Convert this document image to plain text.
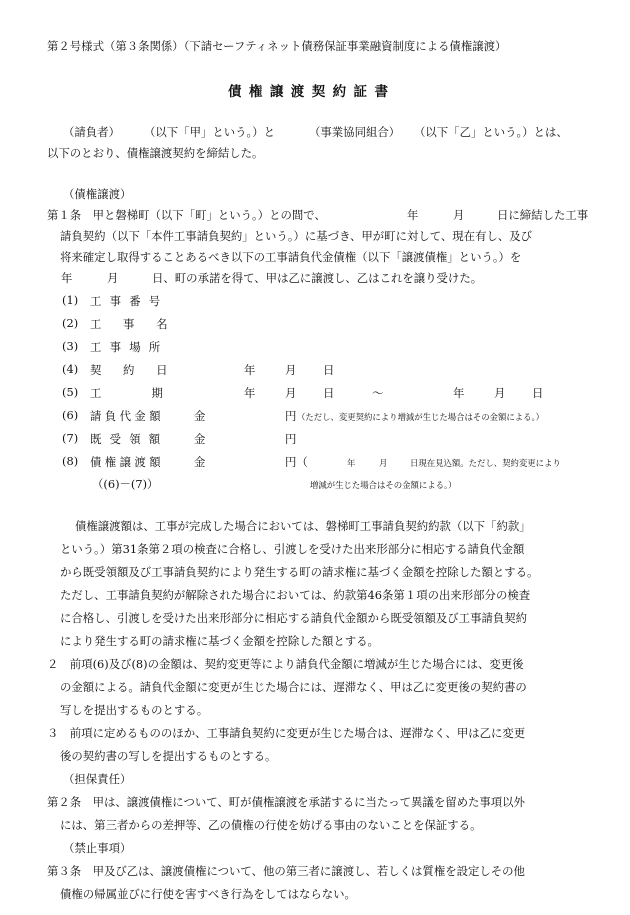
第２号様式（第３条関係）（下請セーフティネット債務保証事業融資制度による債権譲渡）
債権譲渡契約証書
（請負者） （以下「甲」という。）と	（事業協同組合） （以下「乙」という。）とは、
以下のとおり、債権譲渡契約を締結した。
（債権譲渡）
第１条　甲と磐梯町（以下「町」という。）との間で、	年	月	日に締結した工事
請負契約（以下「本件工事請負契約」という。）に基づき、甲が町に対して、現在有し、及び
将来確定し取得することあるべき以下の工事請負代金債権（以下「譲渡債権」という。）を
年	月	日、町の承諾を得て、甲は乙に譲渡し、乙はこれを譲り受けた。
(1) 工事番号
(2) 工事名
(3) 工事場所
(4) 契約日	年	月 日
(5) 工期	年	月 日	～	年	月 日
(6) 請負代金額	金	円 （ただし、変更契約により増減が生じた場合はその金額による。）
(7) 既受領額 金	円
(8) 債権譲渡額	金	円（	年	月	日現在見込額。ただし、契約変更により
（(6)－(7)）	増減が生じた場合はその金額による。）
債権譲渡額は、工事が完成した場合においては、磐梯町工事請負契約約款（以下「約款」
という。）第31条第２項の検査に合格し、引渡しを受けた出来形部分に相応する請負代金額
から既受領額及び工事請負契約により発生する町の請求権に基づく金額を控除した額とする。
ただし、工事請負契約が解除された場合においては、約款第46条第１項の出来形部分の検査
に合格し、引渡しを受けた出来形部分に相応する請負代金額から既受領額及び工事請負契約
により発生する町の請求権に基づく金額を控除した額とする。
２　前項(6)及び(8)の金額は、契約変更等により請負代金額に増減が生じた場合には、変更後
の金額による。請負代金額に変更が生じた場合には、遅滞なく、甲は乙に変更後の契約書の
写しを提出するものとする。
３　前項に定めるもののほか、工事請負契約に変更が生じた場合は、遅滞なく、甲は乙に変更
後の契約書の写しを提出するものとする。
（担保責任）
第２条　甲は、譲渡債権について、町が債権譲渡を承諾するに当たって異議を留めた事項以外
には、第三者からの差押等、乙の債権の行使を妨げる事由のないことを保証する。
（禁止事項）
第３条　甲及び乙は、譲渡債権について、他の第三者に譲渡し、若しくは質権を設定しその他
債権の帰属並びに行使を害すべき行為をしてはならない。
